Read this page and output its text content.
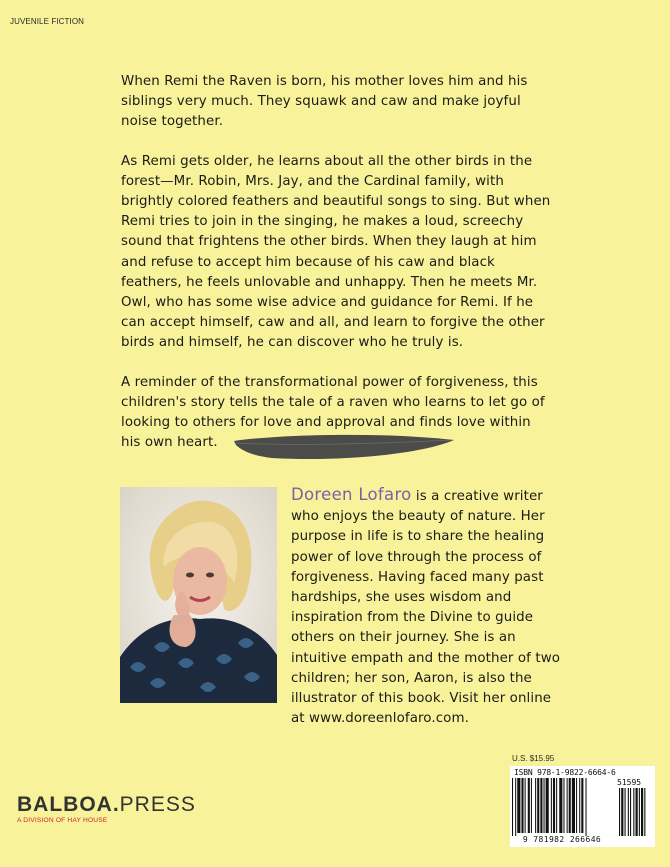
JUVENILE FICTION

When Remi the Raven is born, his mother loves him and his siblings very much. They squawk and caw and make joyful noise together.

As Remi gets older, he learns about all the other birds in the forest—Mr. Robin, Mrs. Jay, and the Cardinal family, with brightly colored feathers and beautiful songs to sing. But when Remi tries to join in the singing, he makes a loud, screechy sound that frightens the other birds. When they laugh at him and refuse to accept him because of his caw and black feathers, he feels unlovable and unhappy. Then he meets Mr. Owl, who has some wise advice and guidance for Remi. If he can accept himself, caw and all, and learn to forgive the other birds and himself, he can discover who he truly is.

A reminder of the transformational power of forgiveness, this children's story tells the tale of a raven who learns to let go of looking to others for love and approval and finds love within his own heart.

Doreen Lofaro is a creative writer who enjoys the beauty of nature. Her purpose in life is to share the healing power of love through the process of forgiveness. Having faced many past hardships, she uses wisdom and inspiration from the Divine to guide others on their journey. She is an intuitive empath and the mother of two children; her son, Aaron, is also the illustrator of this book. Visit her online at www.doreenlofaro.com.
U.S. $15.95
ISBN 978-1-9822-6664-6
51595
9 781982 266646
BALBOA.PRESS
A DIVISION OF HAY HOUSE
